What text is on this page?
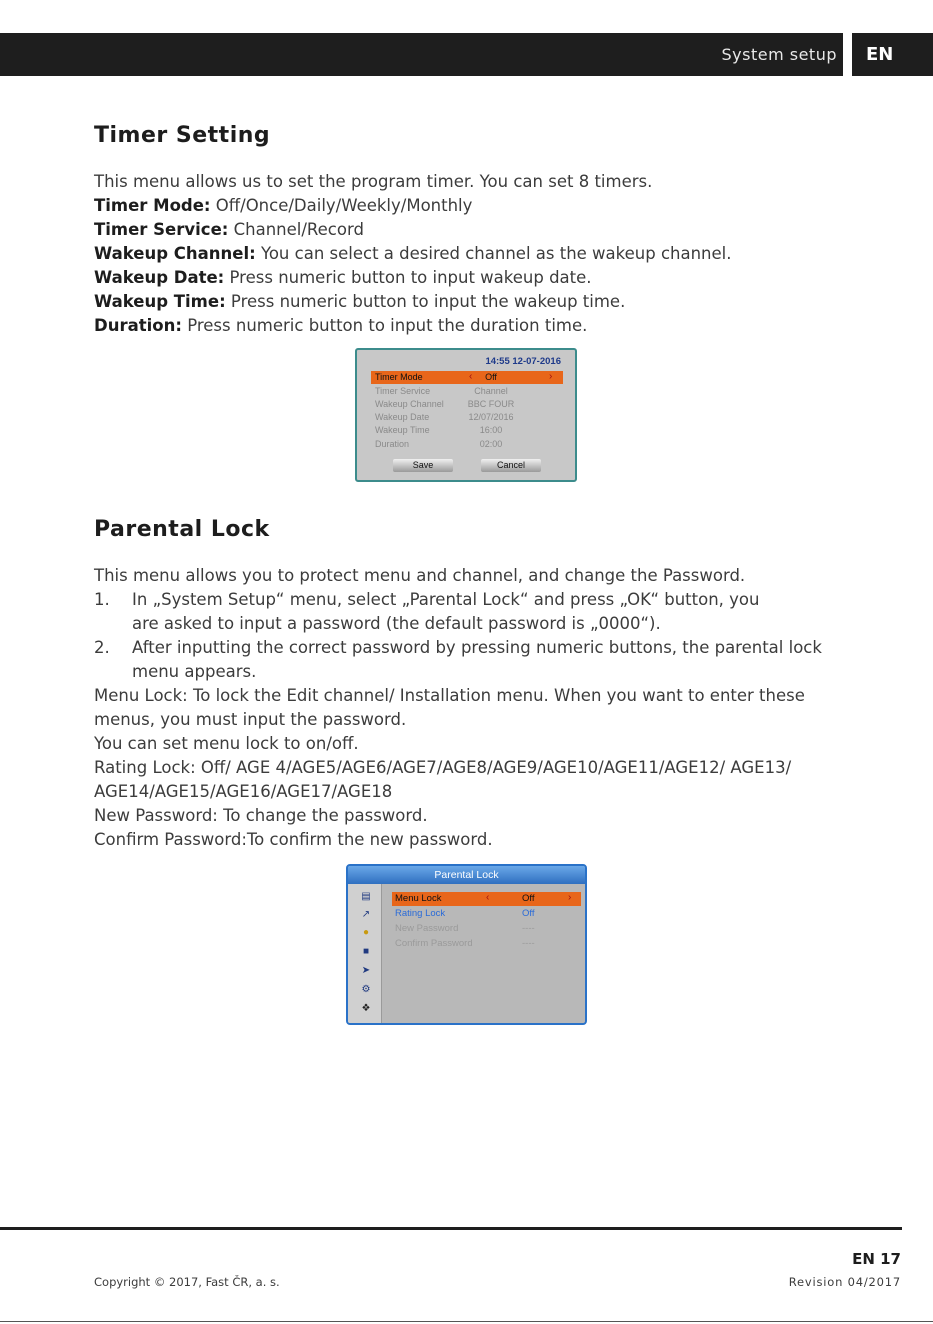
System setup EN
Timer Setting
This menu allows us to set the program timer. You can set 8 timers.
Timer Mode: Off/Once/Daily/Weekly/Monthly
Timer Service: Channel/Record
Wakeup Channel: You can select a desired channel as the wakeup channel.
Wakeup Date: Press numeric button to input wakeup date.
Wakeup Time: Press numeric button to input the wakeup time.
Duration: Press numeric button to input the duration time.
14:55 12-07-2016
Timer Mode	‹	Off	›
Timer Service	Channel
Wakeup Channel	BBC FOUR
Wakeup Date	12/07/2016
Wakeup Time	16:00
Duration	02:00
Save	Cancel
Parental Lock
This menu allows you to protect menu and channel, and change the Password.
1. In „System Setup“ menu, select „Parental Lock“ and press „OK“ button, you
are asked to input a password (the default password is „0000“).
2. After inputting the correct password by pressing numeric buttons, the parental lock
menu appears.
Menu Lock: To lock the Edit channel/ Installation menu. When you want to enter these
menus, you must input the password.
You can set menu lock to on/off.
Rating Lock: Off/ AGE 4/AGE5/AGE6/AGE7/AGE8/AGE9/AGE10/AGE11/AGE12/ AGE13/
AGE14/AGE15/AGE16/AGE17/AGE18
New Password: To change the password.
Confirm Password:To confirm the new password.
Parental Lock
▤
↗
●
■
➤
⚙
❖
Menu Lock	‹	Off	›
Rating Lock	Off
New Password	----
Confirm Password	----
EN 17
Copyright © 2017, Fast ČR, a. s.	Revision 04/2017
